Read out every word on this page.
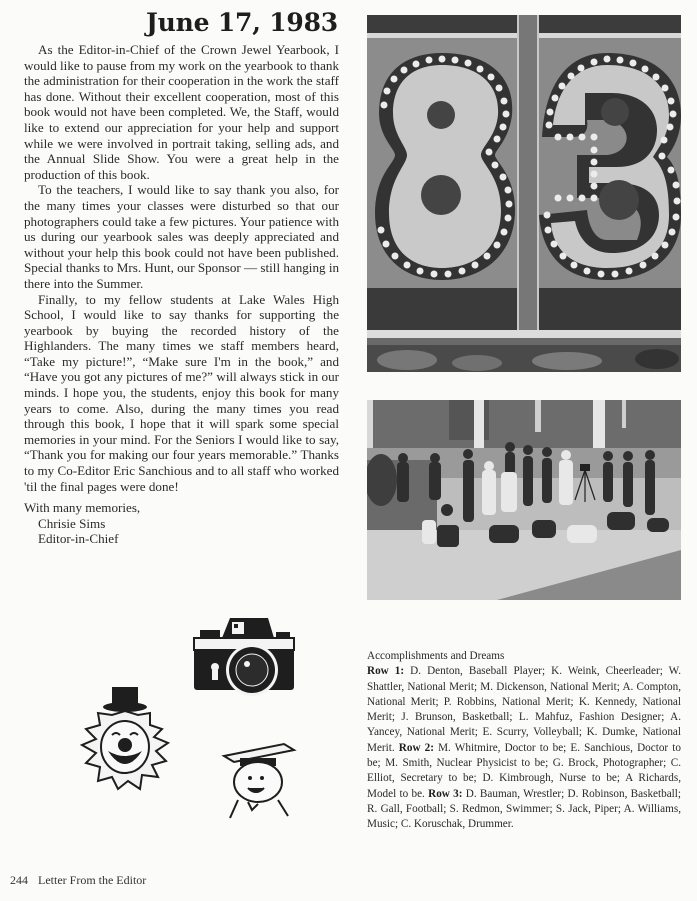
June 17, 1983

As the Editor-in-Chief of the Crown Jewel Yearbook, I would like to pause from my work on the yearbook to thank the administration for their cooperation in the work the staff has done. Without their excellent cooperation, most of this book would not have been completed. We, the Staff, would like to extend our appreciation for your help and support while we were involved in portrait taking, selling ads, and the Annual Slide Show. You were a great help in the production of this book.

To the teachers, I would like to say thank you also, for the many times your classes were disturbed so that our photographers could take a few pictures. Your patience with us during our yearbook sales was deeply appreciated and without your help this book could not have been published. Special thanks to Mrs. Hunt, our Sponsor — still hanging in there into the Summer.

Finally, to my fellow students at Lake Wales High School, I would like to say thanks for supporting the yearbook by buying the recorded history of the Highlanders. The many times we staff members heard, “Take my picture!”, “Make sure I'm in the book,” and “Have you got any pictures of me?” will always stick in our minds. I hope you, the students, enjoy this book for many years to come. Also, during the many times you read through this book, I hope that it will spark some special memories in your mind. For the Seniors I would like to say, “Thank you for making our four years memorable.” Thanks to my Co-Editor Eric Sanchious and to all staff who worked 'til the final pages were done!

With many memories,
Chrisie Sims
Editor-in-Chief
Accomplishments and Dreams
Row 1: D. Denton, Baseball Player; K. Weink, Cheerleader; W. Shattler, National Merit; M. Dickenson, National Merit; A. Compton, National Merit; P. Robbins, National Merit; K. Kennedy, National Merit; J. Brunson, Basketball; L. Mahfuz, Fashion Designer; A. Yancey, National Merit; E. Scurry, Volleyball; K. Dumke, National Merit. Row 2: M. Whitmire, Doctor to be; E. Sanchious, Doctor to be; M. Smith, Nuclear Physicist to be; G. Brock, Photographer; C. Elliot, Secretary to be; D. Kimbrough, Nurse to be; A Richards, Model to be. Row 3: D. Bauman, Wrestler; D. Robinson, Basketball; R. Gall, Football; S. Redmon, Swimmer; S. Jack, Piper; A. Williams, Music; C. Koruschak, Drummer.
244 Letter From the Editor
